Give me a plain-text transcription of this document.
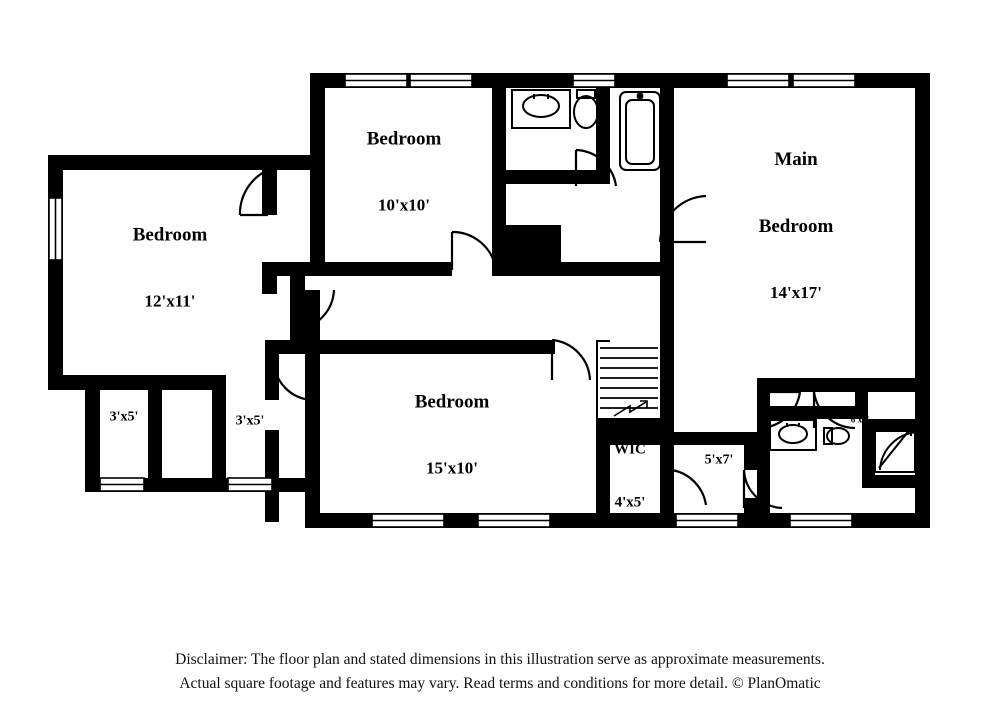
Bedroom

12'x11'

Bedroom

10'x10'

Bedroom

15'x10'

Main

Bedroom

14'x17'

3'x5'

	3'x5'

5'x7'

WIC

4'x5'

WIC

6'x2'

Disclaimer: The floor plan and stated dimensions in this illustration serve as approximate measurements.
Actual square footage and features may vary. Read terms and conditions for more detail. © PlanOmatic
